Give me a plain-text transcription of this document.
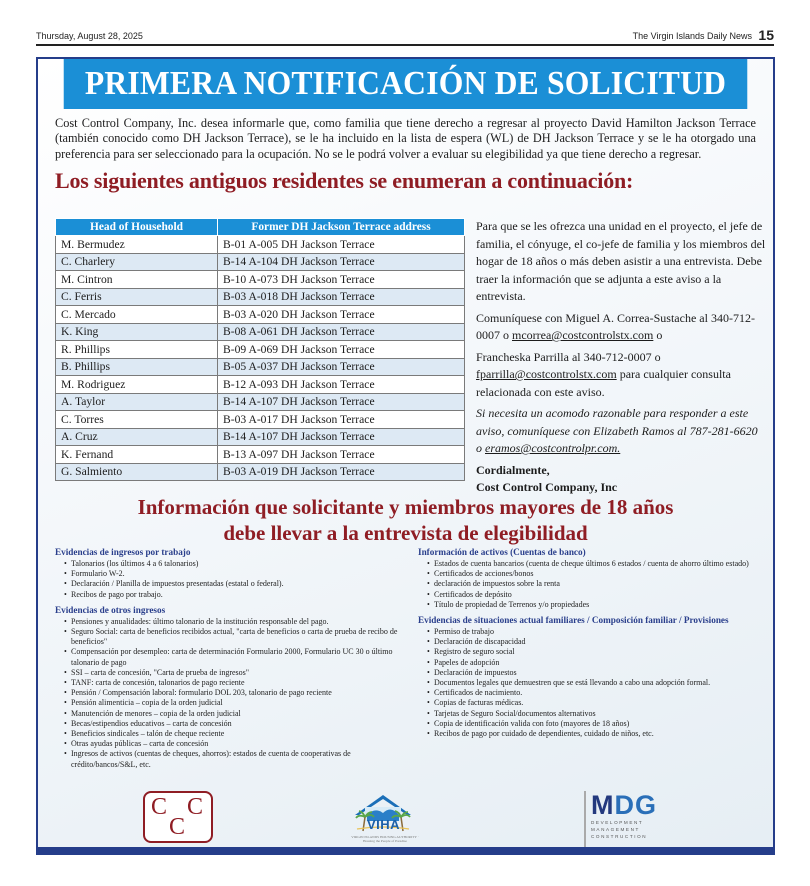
Thursday, August 28, 2025	The Virgin Islands Daily News 15
PRIMERA NOTIFICACIÓN DE SOLICITUD

Cost Control Company, Inc. desea informarle que, como familia que tiene derecho a regresar al proyecto David Hamilton Jackson Terrace (también conocido como DH Jackson Terrace), se le ha incluido en la lista de espera (WL) de DH Jackson Terrace y se le ha otorgado una preferencia para ser seleccionado para la ocupación. No se le podrá volver a evaluar su elegibilidad ya que tiene derecho a regresar.

Los siguientes antiguos residentes se enumeran a continuación:
Head of Household	Former DH Jackson Terrace address
M. Bermudez	B-01 A-005 DH Jackson Terrace
C. Charlery	B-14 A-104 DH Jackson Terrace
M. Cintron	B-10 A-073 DH Jackson Terrace
C. Ferris	B-03 A-018 DH Jackson Terrace
C. Mercado	B-03 A-020 DH Jackson Terrace
K. King	B-08 A-061 DH Jackson Terrace
R. Phillips	B-09 A-069 DH Jackson Terrace
B. Phillips	B-05 A-037 DH Jackson Terrace
M. Rodriguez	B-12 A-093 DH Jackson Terrace
A. Taylor	B-14 A-107 DH Jackson Terrace
C. Torres	B-03 A-017 DH Jackson Terrace
A. Cruz	B-14 A-107 DH Jackson Terrace
K. Fernand	B-13 A-097 DH Jackson Terrace
G. Salmiento	B-03 A-019 DH Jackson Terrace

Para que se les ofrezca una unidad en el proyecto, el jefe de familia, el cónyuge, el co-jefe de familia y los miembros del hogar de 18 años o más deben asistir a una entrevista. Debe traer la información que se adjunta a este aviso a la entrevista.

Comuníquese con Miguel A. Correa-Sustache al 340-712-0007 o mcorrea@costcontrolstx.com o

Francheska Parrilla al 340-712-0007 o fparrilla@costcontrolstx.com para cualquier consulta relacionada con este aviso.

Si necesita un acomodo razonable para responder a este aviso, comuníquese con Elizabeth Ramos al 787-281-6620 o eramos@costcontrolpr.com.

Cordialmente,
Cost Control Company, Inc
Información que solicitante y miembros mayores de 18 años
debe llevar a la entrevista de elegibilidad
Evidencias de ingresos por trabajo
• Talonarios (los últimos 4 a 6 talonarios)
• Formulario W-2.
• Declaración / Planilla de impuestos presentadas (estatal o federal).
• Recibos de pago por trabajo.
Evidencias de otros ingresos
• Pensiones y anualidades: último talonario de la institución responsable del pago.
• Seguro Social: carta de beneficios recibidos actual, "carta de beneficios o carta de prueba de recibo de beneficios"
• Compensación por desempleo: carta de determinación Formulario 2000, Formulario UC 30 o último talonario de pago
• SSI – carta de concesión, "Carta de prueba de ingresos"
• TANF: carta de concesión, talonarios de pago reciente
• Pensión / Compensación laboral: formulario DOL 203, talonario de pago reciente
• Pensión alimenticia – copia de la orden judicial
• Manutención de menores – copia de la orden judicial
• Becas/estipendios educativos – carta de concesión
• Beneficios sindicales – talón de cheque reciente
• Otras ayudas públicas – carta de concesión
• Ingresos de activos (cuentas de cheques, ahorros): estados de cuenta de cooperativas de crédito/bancos/S&L, etc.
Información de activos (Cuentas de banco)
• Estados de cuenta bancarios (cuenta de cheque últimos 6 estados / cuenta de ahorro último estado)
• Certificados de acciones/bonos
• declaración de impuestos sobre la renta
• Certificados de depósito
• Título de propiedad de Terrenos y/o propiedades
Evidencias de situaciones actual familiares / Composición familiar / Provisiones
• Permiso de trabajo
• Declaración de discapacidad
• Registro de seguro social
• Papeles de adopción
• Declaración de impuestos
• Documentos legales que demuestren que se está llevando a cabo una adopción formal.
• Certificados de nacimiento.
• Copias de facturas médicas.
• Tarjetas de Seguro Social/documentos alternativos
• Copia de identificación valida con foto (mayores de 18 años)
• Recibos de pago por cuidado de dependientes, cuidado de niños, etc.
C C
C	VIHA
VIRGIN ISLANDS HOUSING AUTHORITY · Housing the People of Paradise
MDG
DEVELOPMENT
MANAGEMENT
CONSTRUCTION
